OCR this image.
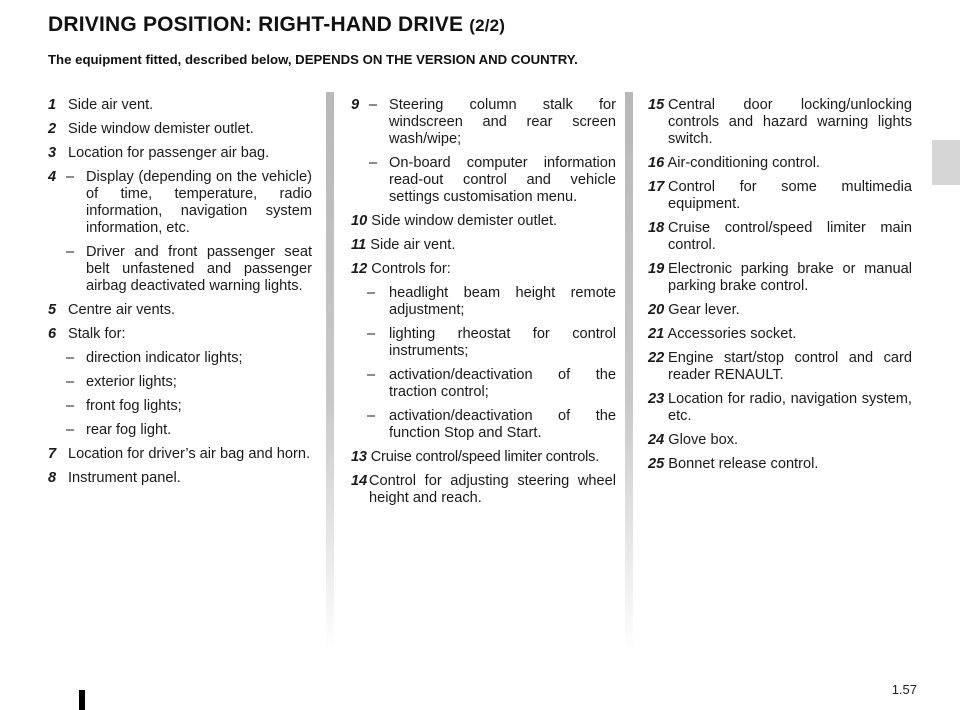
DRIVING POSITION: RIGHT-HAND DRIVE (2/2)
The equipment fitted, described below, DEPENDS ON THE VERSION AND COUNTRY.
1 Side air vent.
2 Side window demister outlet.
3 Location for passenger air bag.
4 – Display (depending on the vehicle) of time, temperature, radio information, navigation system information, etc.
– Driver and front passenger seat belt unfastened and passenger airbag deactivated warning lights.
5 Centre air vents.
6 Stalk for:
– direction indicator lights;
– exterior lights;
– front fog lights;
– rear fog light.
7 Location for driver’s air bag and horn.
8 Instrument panel.
9 – Steering column stalk for windscreen and rear screen wash/wipe;
– On-board computer information read-out control and vehicle settings customisation menu.
10 Side window demister outlet.
11 Side air vent.
12 Controls for:
– headlight beam height remote adjustment;
– lighting rheostat for control instruments;
– activation/deactivation of the traction control;
– activation/deactivation of the function Stop and Start.
13 Cruise control/speed limiter controls.
14 Control for adjusting steering wheel height and reach.
15 Central door locking/unlocking controls and hazard warning lights switch.
16 Air-conditioning control.
17 Control for some multimedia equipment.
18 Cruise control/speed limiter main control.
19 Electronic parking brake or manual parking brake control.
20 Gear lever.
21 Accessories socket.
22 Engine start/stop control and card reader RENAULT.
23 Location for radio, navigation system, etc.
24 Glove box.
25 Bonnet release control.
1.57
